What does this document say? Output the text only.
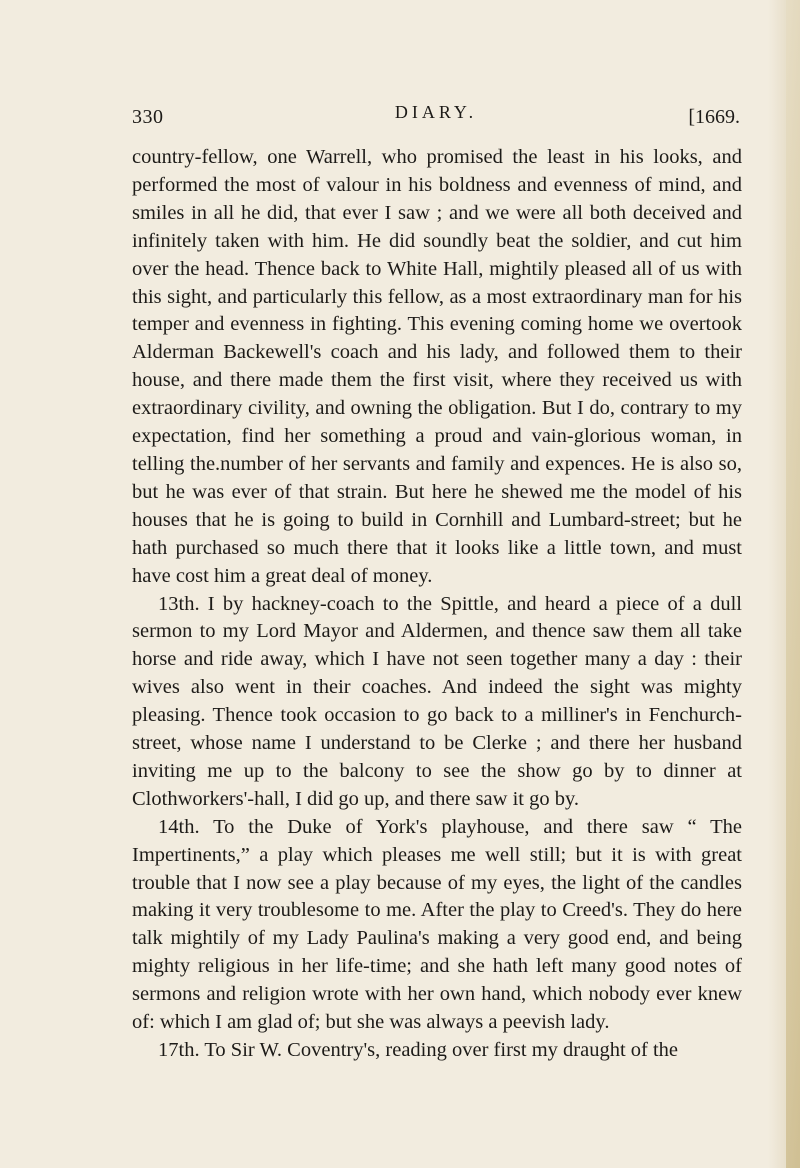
330	DIARY.	[1669.

country-fellow, one Warrell, who promised the least in his looks, and performed the most of valour in his boldness and evenness of mind, and smiles in all he did, that ever I saw ; and we were all both deceived and infinitely taken with him. He did soundly beat the soldier, and cut him over the head. Thence back to White Hall, mightily pleased all of us with this sight, and particularly this fellow, as a most extraordinary man for his temper and evenness in fighting. This evening coming home we overtook Alderman Backewell's coach and his lady, and followed them to their house, and there made them the first visit, where they received us with extraordinary civility, and owning the obligation. But I do, contrary to my expectation, find her something a proud and vain-glorious woman, in telling the.number of her servants and family and expences. He is also so, but he was ever of that strain. But here he shewed me the model of his houses that he is going to build in Cornhill and Lumbard-street; but he hath purchased so much there that it looks like a little town, and must have cost him a great deal of money.

13th. I by hackney-coach to the Spittle, and heard a piece of a dull sermon to my Lord Mayor and Aldermen, and thence saw them all take horse and ride away, which I have not seen together many a day : their wives also went in their coaches. And indeed the sight was mighty pleasing. Thence took occasion to go back to a milliner's in Fenchurch-street, whose name I understand to be Clerke ; and there her husband inviting me up to the balcony to see the show go by to dinner at Clothworkers'-hall, I did go up, and there saw it go by.

14th. To the Duke of York's playhouse, and there saw “ The Impertinents,” a play which pleases me well still; but it is with great trouble that I now see a play because of my eyes, the light of the candles making it very troublesome to me. After the play to Creed's. They do here talk mightily of my Lady Paulina's making a very good end, and being mighty religious in her life-time; and she hath left many good notes of sermons and religion wrote with her own hand, which nobody ever knew of: which I am glad of; but she was always a peevish lady.

17th. To Sir W. Coventry's, reading over first my draught of the
